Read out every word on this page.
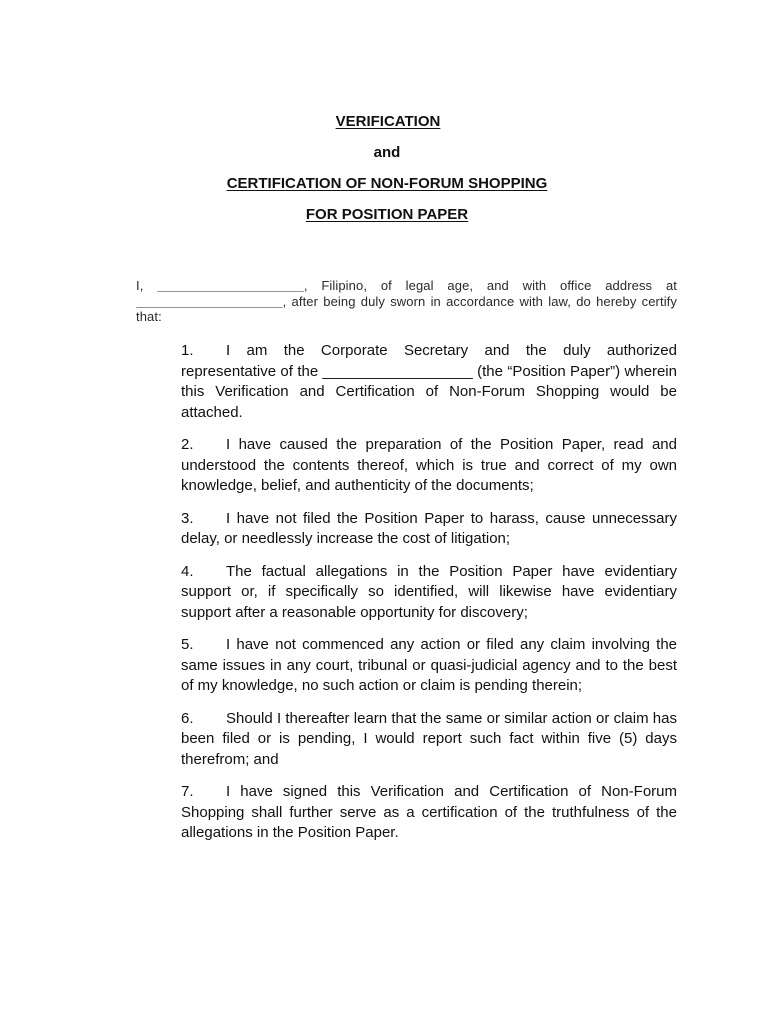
VERIFICATION
and
CERTIFICATION OF NON-FORUM SHOPPING
FOR POSITION PAPER
I, ____________________, Filipino, of legal age, and with office address at ____________________, after being duly sworn in accordance with law, do hereby certify that:
1. I am the Corporate Secretary and the duly authorized representative of the __________________ (the “Position Paper”) wherein this Verification and Certification of Non-Forum Shopping would be attached.
2. I have caused the preparation of the Position Paper, read and understood the contents thereof, which is true and correct of my own knowledge, belief, and authenticity of the documents;
3. I have not filed the Position Paper to harass, cause unnecessary delay, or needlessly increase the cost of litigation;
4. The factual allegations in the Position Paper have evidentiary support or, if specifically so identified, will likewise have evidentiary support after a reasonable opportunity for discovery;
5. I have not commenced any action or filed any claim involving the same issues in any court, tribunal or quasi-judicial agency and to the best of my knowledge, no such action or claim is pending therein;
6. Should I thereafter learn that the same or similar action or claim has been filed or is pending, I would report such fact within five (5) days therefrom; and
7. I have signed this Verification and Certification of Non-Forum Shopping shall further serve as a certification of the truthfulness of the allegations in the Position Paper.
